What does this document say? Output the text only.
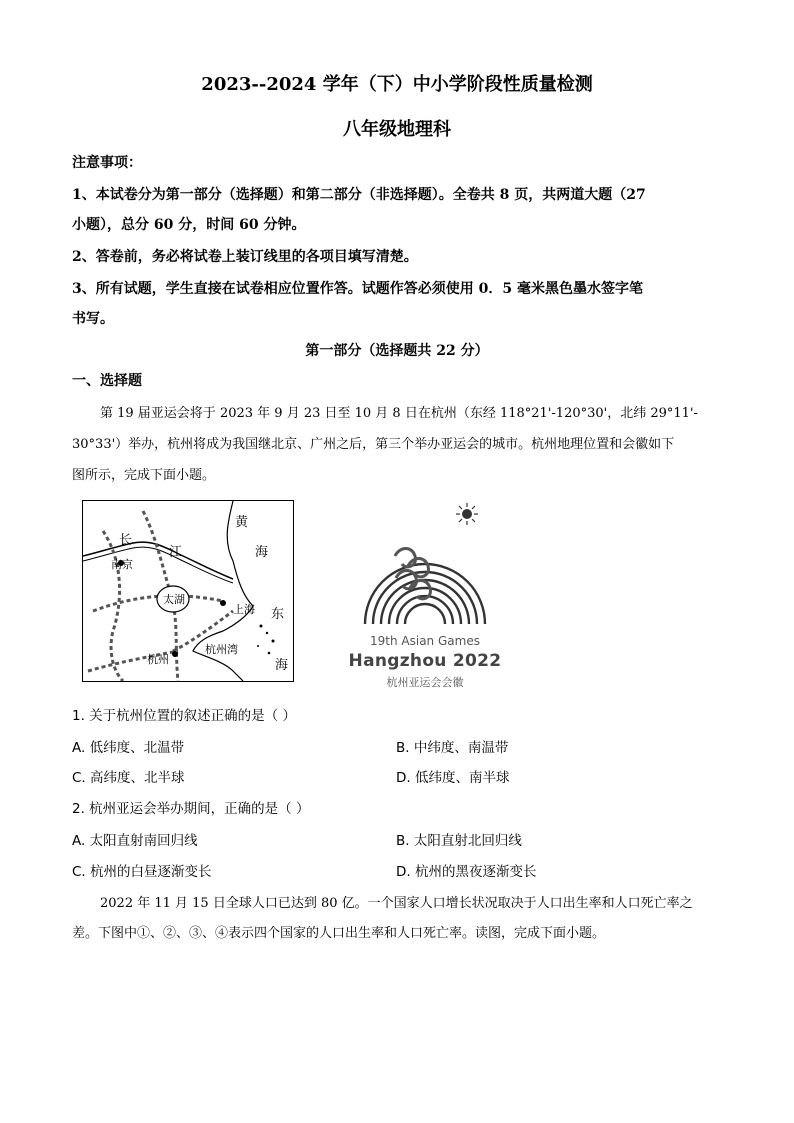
2023--2024 学年（下）中小学阶段性质量检测
八年级地理科
注意事项：
1、本试卷分为第一部分（选择题）和第二部分（非选择题）。全卷共 8 页，共两道大题（27
小题），总分 60 分，时间 60 分钟。
2、答卷前，务必将试卷上装订线里的各项目填写清楚。
3、所有试题，学生直接在试卷相应位置作答。试题作答必须使用 0．5 毫米黑色墨水签字笔
书写。
第一部分（选择题共 22 分）
一、选择题
第 19 届亚运会将于 2023 年 9 月 23 日至 10 月 8 日在杭州（东经 118°21'-120°30'，北纬 29°11'-
30°33'）举办，杭州将成为我国继北京、广州之后，第三个举办亚运会的城市。杭州地理位置和会徽如下
图所示，完成下面小题。
黄
海
长
江
南京
太湖
上海 东
杭州
杭州湾
海
19th Asian Games
Hangzhou 2022
杭州亚运会会徽
1. 关于杭州位置的叙述正确的是（ ）
A. 低纬度、北温带	B. 中纬度、南温带
C. 高纬度、北半球	D. 低纬度、南半球
2. 杭州亚运会举办期间，正确的是（ ）
A. 太阳直射南回归线	B. 太阳直射北回归线
C. 杭州的白昼逐渐变长	D. 杭州的黑夜逐渐变长
2022 年 11 月 15 日全球人口已达到 80 亿。一个国家人口增长状况取决于人口出生率和人口死亡率之
差。下图中①、②、③、④表示四个国家的人口出生率和人口死亡率。读图，完成下面小题。
